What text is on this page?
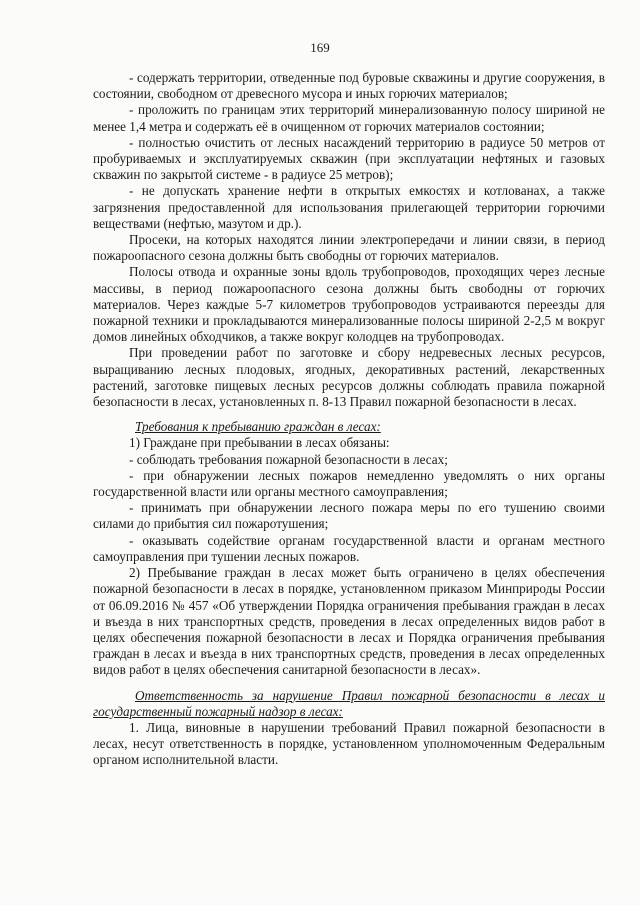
169

- содержать территории, отведенные под буровые скважины и другие сооружения, в состоянии, свободном от древесного мусора и иных горючих материалов;

- проложить по границам этих территорий минерализованную полосу шириной не менее 1,4 метра и содержать её в очищенном от горючих материалов состоянии;

- полностью очистить от лесных насаждений территорию в радиусе 50 метров от пробуриваемых и эксплуатируемых скважин (при эксплуатации нефтяных и газовых скважин по закрытой системе - в радиусе 25 метров);

- не допускать хранение нефти в открытых емкостях и котлованах, а также загрязнения предоставленной для использования прилегающей территории горючими веществами (нефтью, мазутом и др.).

Просеки, на которых находятся линии электропередачи и линии связи, в период пожароопасного сезона должны быть свободны от горючих материалов.

Полосы отвода и охранные зоны вдоль трубопроводов, проходящих через лесные массивы, в период пожароопасного сезона должны быть свободны от горючих материалов. Через каждые 5-7 километров трубопроводов устраиваются переезды для пожарной техники и прокладываются минерализованные полосы шириной 2-2,5 м вокруг домов линейных обходчиков, а также вокруг колодцев на трубопроводах.

При проведении работ по заготовке и сбору недревесных лесных ресурсов, выращиванию лесных плодовых, ягодных, декоративных растений, лекарственных растений, заготовке пищевых лесных ресурсов должны соблюдать правила пожарной безопасности в лесах, установленных п. 8-13 Правил пожарной безопасности в лесах.

Требования к пребыванию граждан в лесах:

1) Граждане при пребывании в лесах обязаны:

- соблюдать требования пожарной безопасности в лесах;

- при обнаружении лесных пожаров немедленно уведомлять о них органы государственной власти или органы местного самоуправления;

- принимать при обнаружении лесного пожара меры по его тушению своими силами до прибытия сил пожаротушения;

- оказывать содействие органам государственной власти и органам местного самоуправления при тушении лесных пожаров.

2) Пребывание граждан в лесах может быть ограничено в целях обеспечения пожарной безопасности в лесах в порядке, установленном приказом Минприроды России от 06.09.2016 № 457 «Об утверждении Порядка ограничения пребывания граждан в лесах и въезда в них транспортных средств, проведения в лесах определенных видов работ в целях обеспечения пожарной безопасности в лесах и Порядка ограничения пребывания граждан в лесах и въезда в них транспортных средств, проведения в лесах определенных видов работ в целях обеспечения санитарной безопасности в лесах».

Ответственность за нарушение Правил пожарной безопасности в лесах и государственный пожарный надзор в лесах:

1. Лица, виновные в нарушении требований Правил пожарной безопасности в лесах, несут ответственность в порядке, установленном уполномоченным Федеральным органом исполнительной власти.
